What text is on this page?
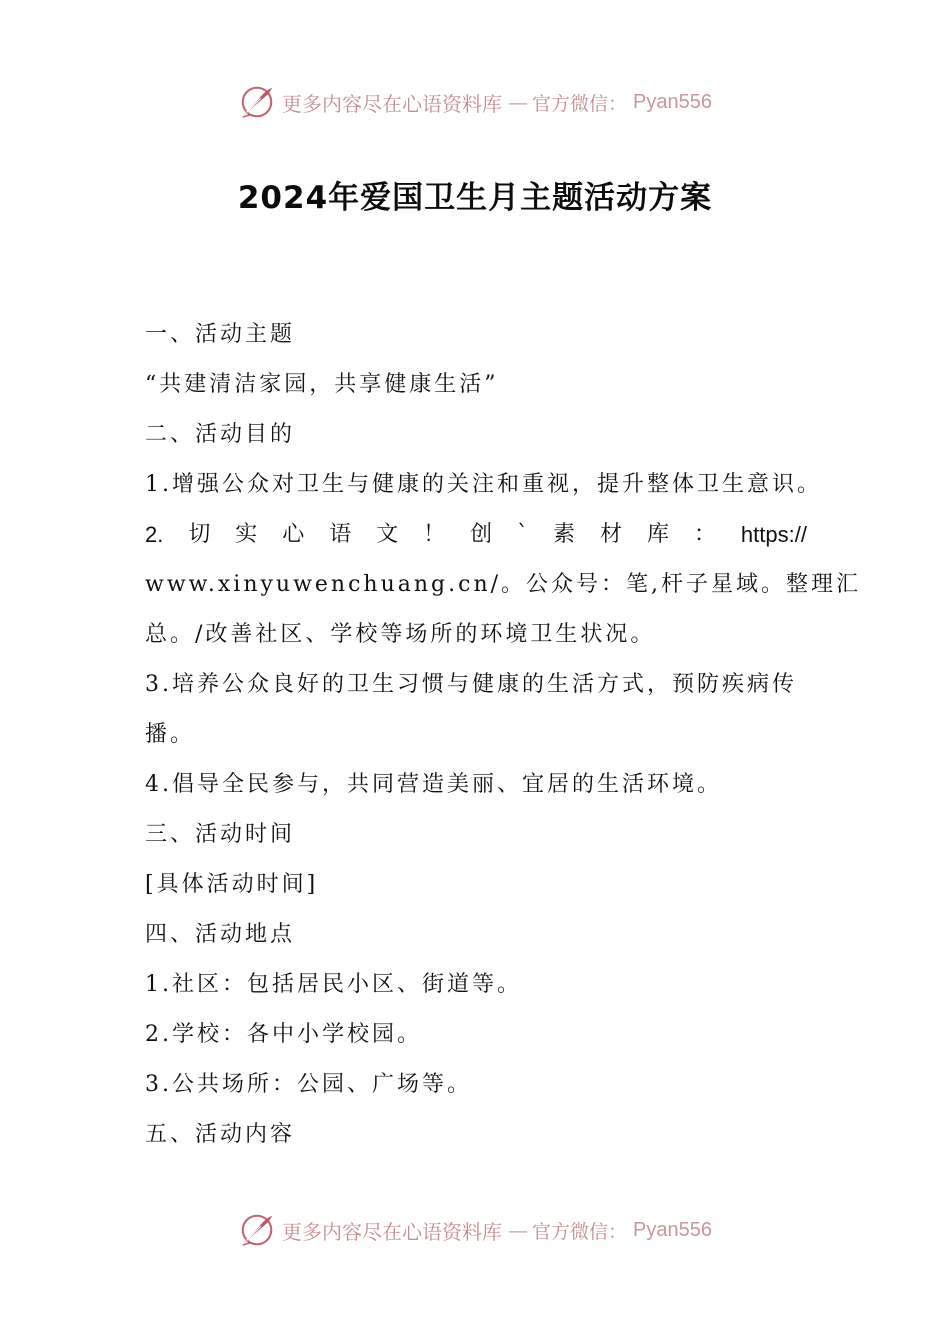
更多内容尽在心语资料库 — 官方微信： Pyan556
2024年爱国卫生月主题活动方案
一、活动主题
“共建清洁家园，共享健康生活”
二、活动目的
1.增强公众对卫生与健康的关注和重视，提升整体卫生意识。
2. 切 实 心 语 文 ！ 创 ` 素 材 库 ： https://
www.xinyuwenchuang.cn/。公众号：笔,杆子星域。整理汇
总。/改善社区、学校等场所的环境卫生状况。
3.培养公众良好的卫生习惯与健康的生活方式，预防疾病传
播。
4.倡导全民参与，共同营造美丽、宜居的生活环境。
三、活动时间
[具体活动时间]
四、活动地点
1.社区：包括居民小区、街道等。
2.学校：各中小学校园。
3.公共场所：公园、广场等。
五、活动内容
更多内容尽在心语资料库 — 官方微信： Pyan556
